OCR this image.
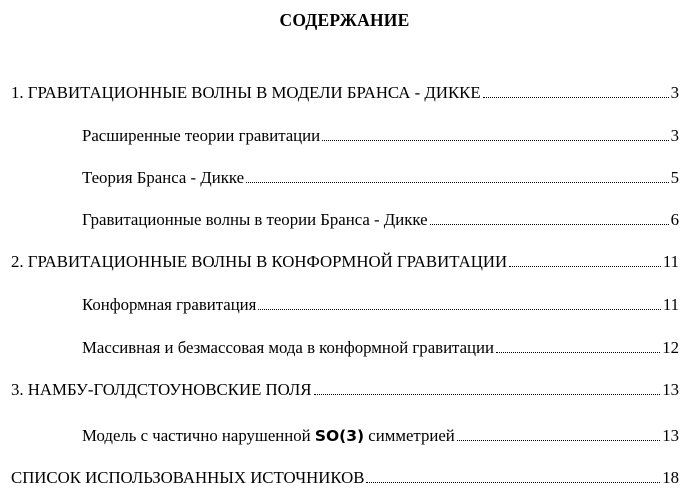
СОДЕРЖАНИЕ
1. ГРАВИТАЦИОННЫЕ ВОЛНЫ В МОДЕЛИ БРАНСА - ДИККЕ	3
Расширенные теории гравитации	3
Теория Бранса - Дикке	5
Гравитационные волны в теории Бранса - Дикке	6
2. ГРАВИТАЦИОННЫЕ ВОЛНЫ В КОНФОРМНОЙ ГРАВИТАЦИИ	11
Конформная гравитация	11
Массивная и безмассовая мода в конформной гравитации	12
3. НАМБУ-ГОЛДСТОУНОВСКИЕ ПОЛЯ	13
Модель с частично нарушенной SO(3) симметрией	13
СПИСОК ИСПОЛЬЗОВАННЫХ ИСТОЧНИКОВ	18
